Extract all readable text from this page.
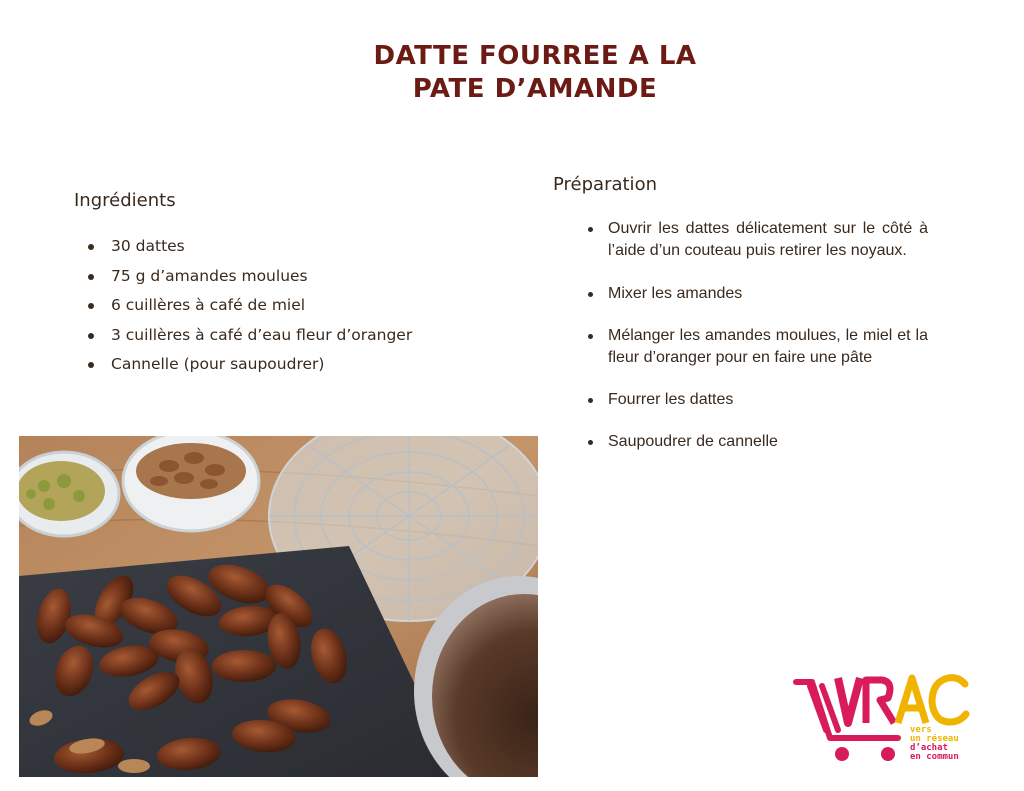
DATTE FOURREE A LA
PATE D’AMANDE
Ingrédients
30 dattes
75 g d’amandes moulues
6 cuillères à café de miel
3 cuillères à café d’eau fleur d’oranger
Cannelle (pour saupoudrer)
Préparation
Ouvrir les dattes délicatement sur le côté à l’aide d’un couteau puis retirer les noyaux.
Mixer les amandes
Mélanger les amandes moulues, le miel et la fleur d’oranger pour en faire une pâte
Fourrer les dattes
Saupoudrer de cannelle
vers
un réseau
d’achat
en commun
